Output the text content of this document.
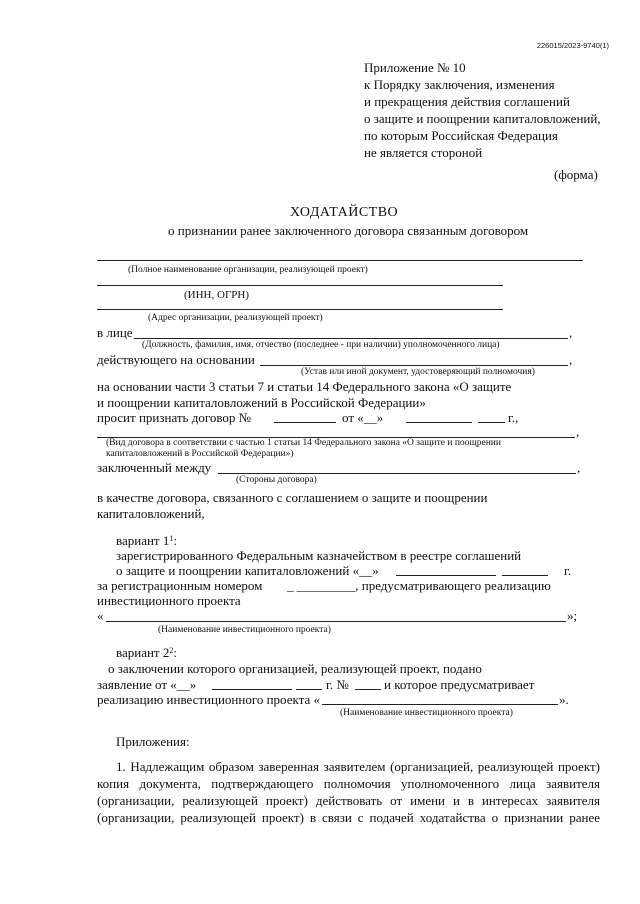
226015/2023-9740(1)
Приложение № 10
к Порядку заключения, изменения
и прекращения действия соглашений
о защите и поощрении капиталовложений,
по которым Российская Федерация
не является стороной
(форма)
ХОДАТАЙСТВО
о признании ранее заключенного договора связанным договором
(Полное наименование организации, реализующей проект)
(ИНН, ОГРН)
(Адрес организации, реализующей проект)
в лице	,
(Должность, фамилия, имя, отчество (последнее - при наличии) уполномоченного лица)
действующего на основании	,
(Устав или иной документ, удостоверяющий полномочия)
на основании части 3 статьи 7 и статьи 14 Федерального закона «О защите
и поощрении капиталовложений в Российской Федерации»
просит признать договор №	от «__»	г.,
,
(Вид договора в соответствии с частью 1 статьи 14 Федерального закона «О защите и поощрении
капиталовложений в Российской Федерации»)
заключенный между	,
(Стороны договора)
в качестве договора, связанного с соглашением о защите и поощрении
капиталовложений,
вариант $1^1$:
зарегистрированного Федеральным казначейством в реестре соглашений
о защите и поощрении капиталовложений «__»	г.
за регистрационным номером _ _________, предусматривающего реализацию
инвестиционного проекта
«	»;
(Наименование инвестиционного проекта)
вариант $2^2$:
о заключении которого организацией, реализующей проект, подано
заявление от «__»	г. №	и которое предусматривает
реализацию инвестиционного проекта «	».
(Наименование инвестиционного проекта)
Приложения:
1. Надлежащим образом заверенная заявителем (организацией, реализующей проект)
копия документа, подтверждающего полномочия уполномоченного лица заявителя
(организации, реализующей проект) действовать от имени и в интересах заявителя
(организации, реализующей проект) в связи с подачей ходатайства о признании ранее
